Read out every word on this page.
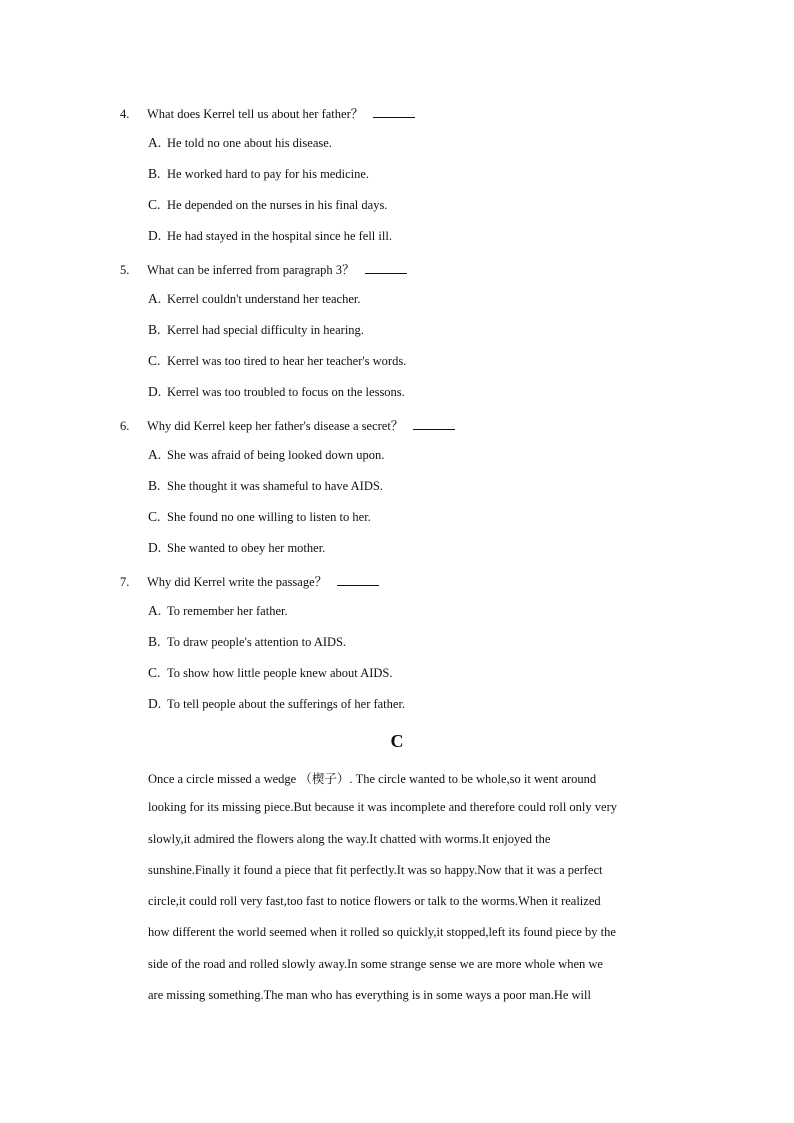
4. What does Kerrel tell us about her father？
A. He told no one about his disease.
B. He worked hard to pay for his medicine.
C. He depended on the nurses in his final days.
D. He had stayed in the hospital since he fell ill.
5. What can be inferred from paragraph 3？
A. Kerrel couldn't understand her teacher.
B. Kerrel had special difficulty in hearing.
C. Kerrel was too tired to hear her teacher's words.
D. Kerrel was too troubled to focus on the lessons.
6. Why did Kerrel keep her father's disease a secret？
A. She was afraid of being looked down upon.
B. She thought it was shameful to have AIDS.
C. She found no one willing to listen to her.
D. She wanted to obey her mother.
7. Why did Kerrel write the passage？
A. To remember her father.
B. To draw people's attention to AIDS.
C. To show how little people knew about AIDS.
D. To tell people about the sufferings of her father.
C
Once a circle missed a wedge （楔子）. The circle wanted to be whole,so it went around
looking for its missing piece.But because it was incomplete and therefore could roll only very
slowly,it admired the flowers along the way.It chatted with worms.It enjoyed the
sunshine.Finally it found a piece that fit perfectly.It was so happy.Now that it was a perfect
circle,it could roll very fast,too fast to notice flowers or talk to the worms.When it realized
how different the world seemed when it rolled so quickly,it stopped,left its found piece by the
side of the road and rolled slowly away.In some strange sense we are more whole when we
are missing something.The man who has everything is in some ways a poor man.He will
